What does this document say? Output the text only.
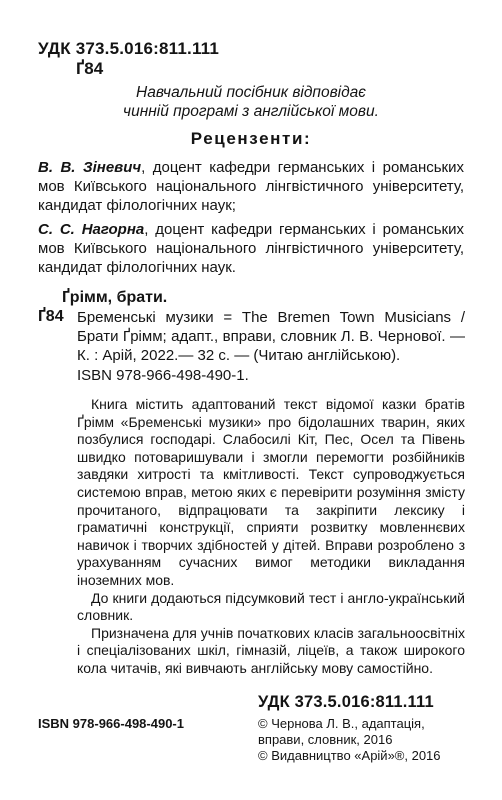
УДК 373.5.016:811.111
Ґ84
Навчальний посібник відповідає
чинній програмі з англійської мови.
Рецензенти:
В. В. Зіневич, доцент кафедри германських і романських мов Київського національного лінгвістичного університету, кандидат філологічних наук;
С. С. Нагорна, доцент кафедри германських і романських мов Київського національного лінгвістичного університету, кандидат філологічних наук.
Ґрімм, брати.
Ґ84 Бременські музики = The Bremen Town Musicians / Брати Ґрімм; адапт., вправи, словник Л. В. Чернової. — К. : Арій, 2022.— 32 с. — (Читаю англійською).
ISBN 978-966-498-490-1.

Книга містить адаптований текст відомої казки братів Ґрімм «Бременські музики» про бідолашних тварин, яких позбулися господарі. Слабосилі Кіт, Пес, Осел та Півень швидко потоваришували і змогли перемогти розбійників завдяки хитрості та кмітливості. Текст супроводжується системою вправ, метою яких є перевірити розуміння змісту прочитаного, відпрацювати та закріпити лексику і граматичні конструкції, сприяти розвитку мовленнєвих навичок і творчих здібностей у дітей. Вправи розроблено з урахуванням сучасних вимог методики викладання іноземних мов.

До книги додаються підсумковий тест і англо-український словник.

Призначена для учнів початкових класів загальноосвітніх і спеціалізованих шкіл, гімназій, ліцеїв, а також широкого кола читачів, які вивчають англійську мову самостійно.

УДК 373.5.016:811.111
ISBN 978-966-498-490-1	© Чернова Л. В., адаптація,
вправи, словник, 2016
© Видавництво «Арій»®, 2016
